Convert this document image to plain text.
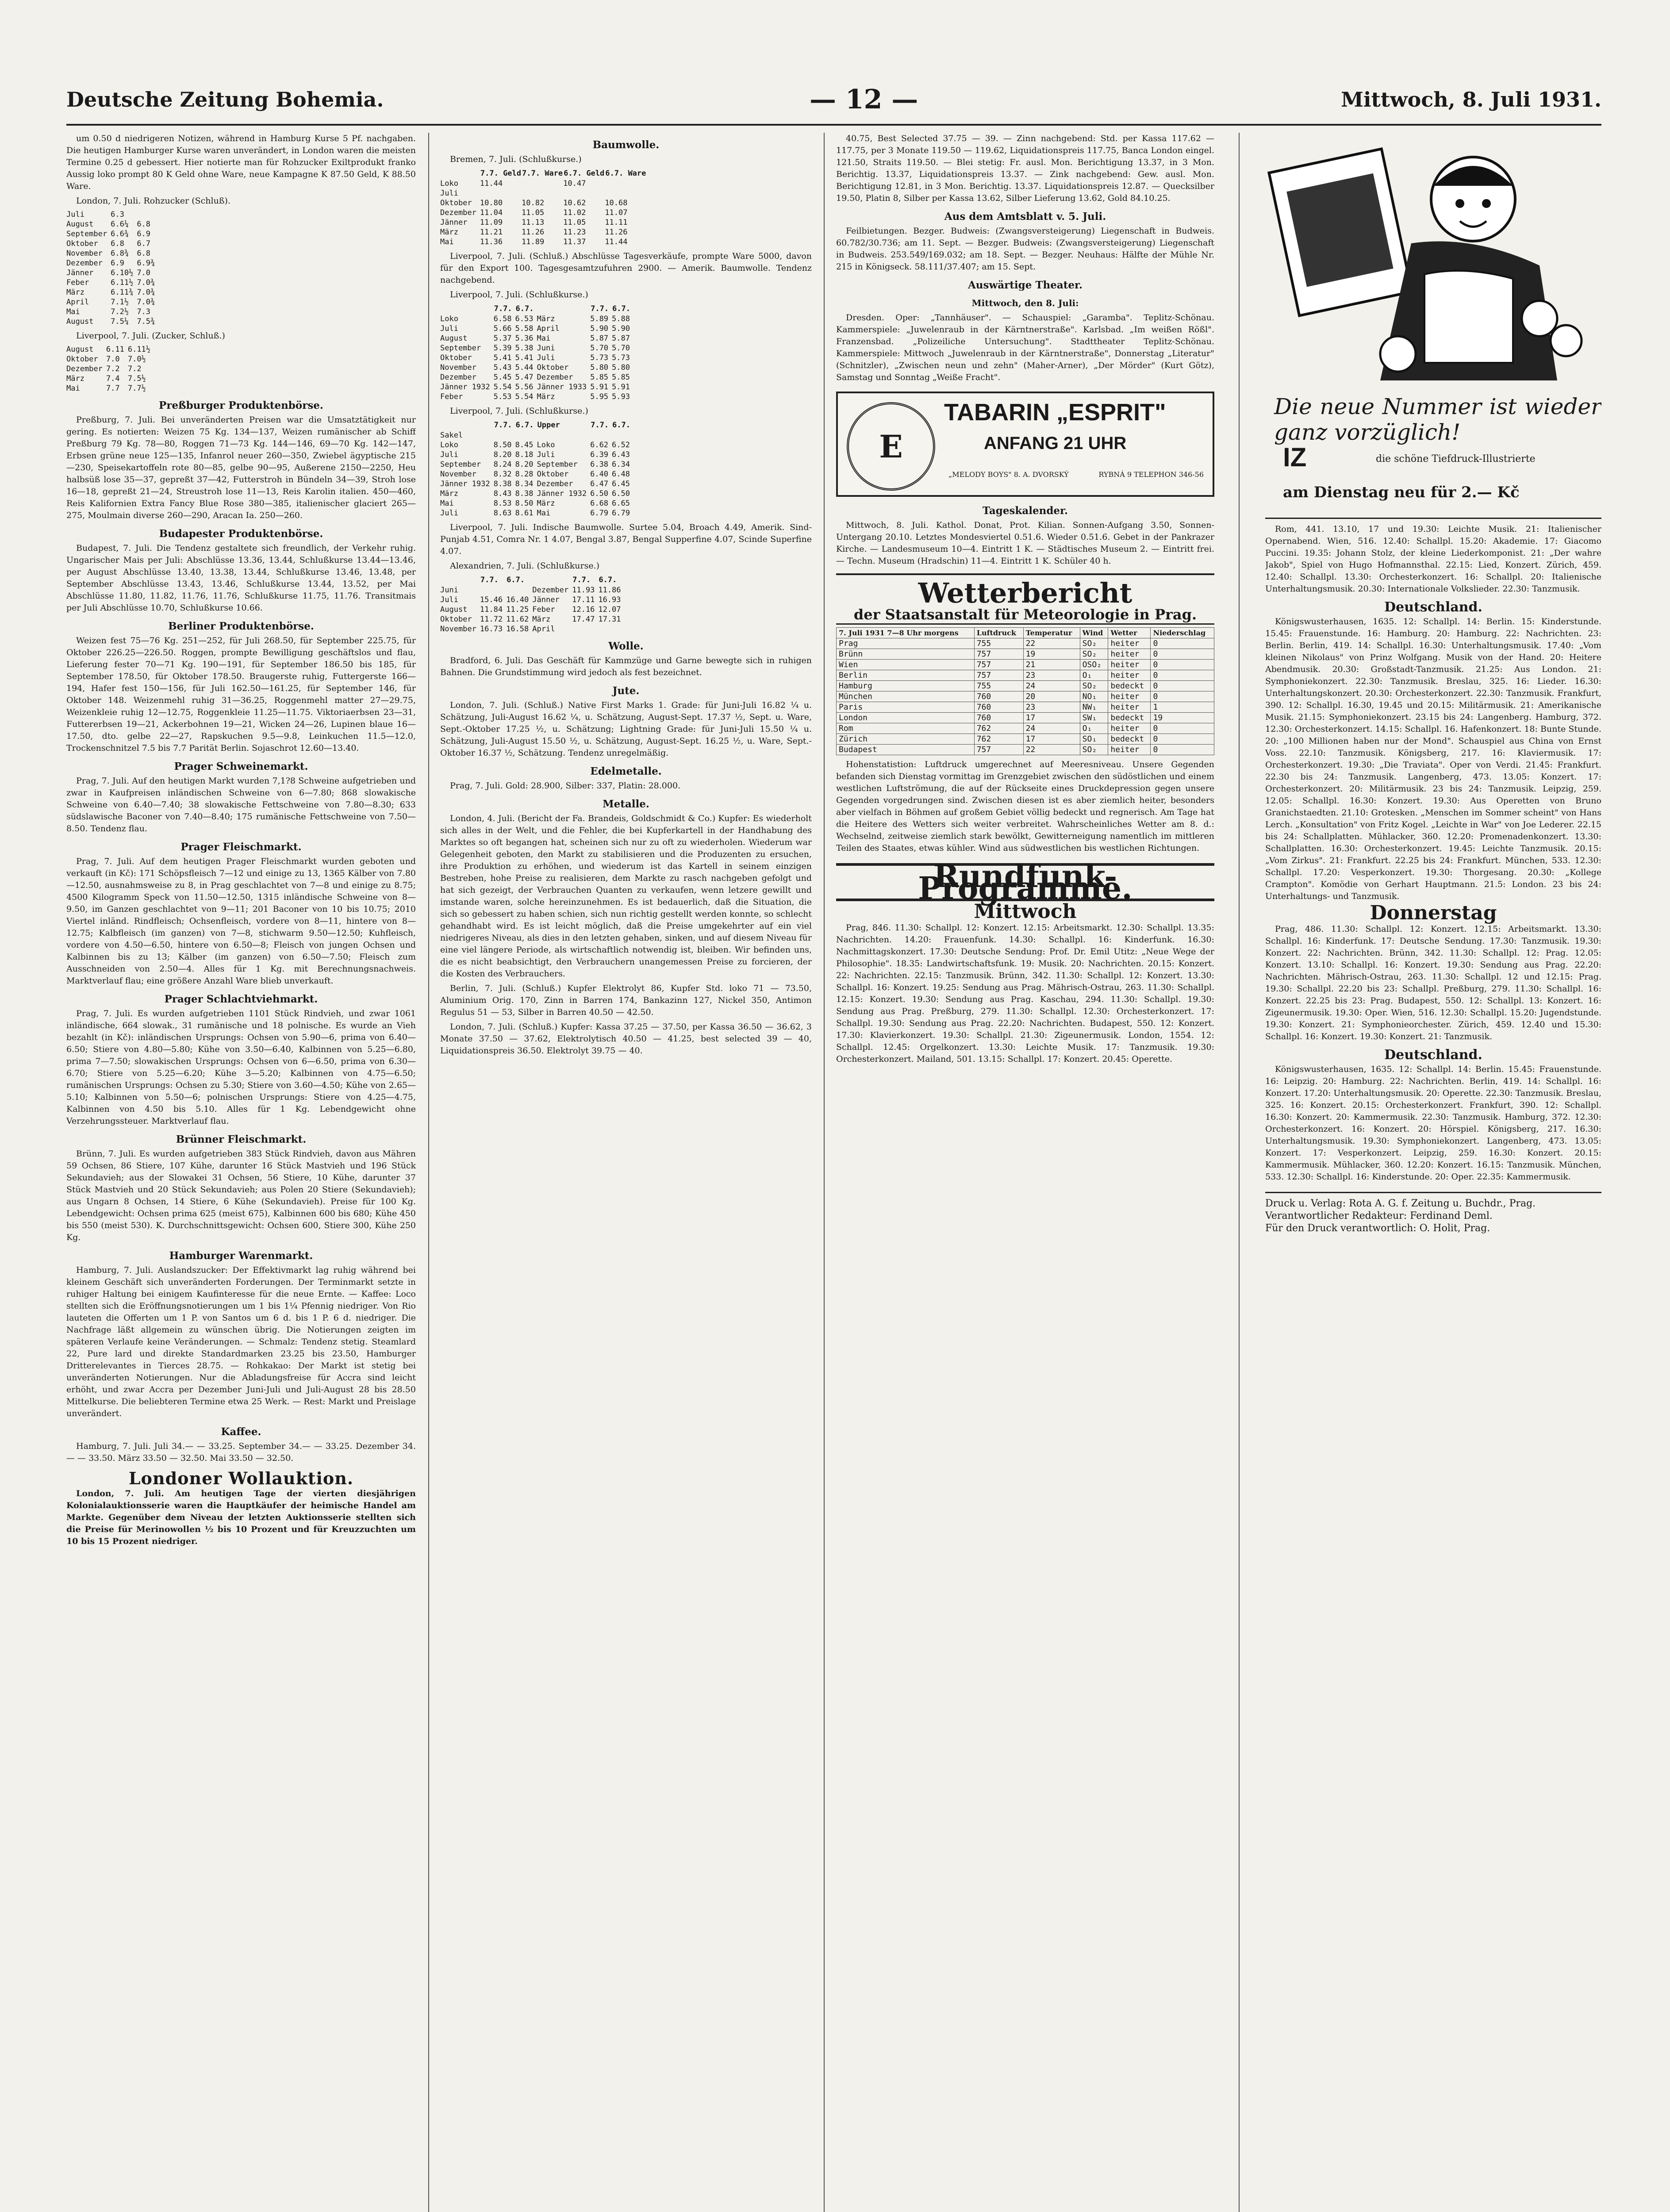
Deutsche Zeitung Bohemia.	— 12 —	Mittwoch, 8. Juli 1931.

um 0.50 d niedrigeren Notizen, während in Hamburg Kurse 5 Pf. nachgaben. Die heutigen Hamburger Kurse waren unverändert, in London waren die meisten Termine 0.25 d gebessert. Hier notierte man für Rohzucker Exiltprodukt franko Aussig loko prompt 80 K Geld ohne Ware, neue Kampagne K 87.50 Geld, K 88.50 Ware.

London, 7. Juli. Rohzucker (Schluß).

Juli	6.3	
August	6.6¼	6.8
September	6.6¾	6.9
Oktober	6.8	6.7
November	6.8¾	6.8
Dezember	6.9	6.9¾
Jänner	6.10½	7.0
Feber	6.11½	7.0¾
März	6.11¾	7.0¾
April	7.1½	7.0¾
Mai	7.2½	7.3
August	7.5¼	7.5¾

Liverpool, 7. Juli. (Zucker, Schluß.)

August	6.11	6.11½
Oktober	7.0	7.0½
Dezember	7.2	7.2
März	7.4	7.5½
Mai	7.7	7.7½
Preßburger Produktenbörse.

Preßburg, 7. Juli. Bei unveränderten Preisen war die Umsatztätigkeit nur gering. Es notierten: Weizen 75 Kg. 134—137, Weizen rumänischer ab Schiff Preßburg 79 Kg. 78—80, Roggen 71—73 Kg. 144—146, 69—70 Kg. 142—147, Erbsen grüne neue 125—135, Infanrol neuer 260—350, Zwiebel ägyptische 215—230, Speisekartoffeln rote 80—85, gelbe 90—95, Außerene 2150—2250, Heu halbsüß lose 35—37, gepreßt 37—42, Futterstroh in Bündeln 34—39, Stroh lose 16—18, gepreßt 21—24, Streustroh lose 11—13, Reis Karolin italien. 450—460, Reis Kalifornien Extra Fancy Blue Rose 380—385, italienischer glaciert 265—275, Moulmain diverse 260—290, Aracan Ia. 250—260.

Budapester Produktenbörse.

Budapest, 7. Juli. Die Tendenz gestaltete sich freundlich, der Verkehr ruhig. Ungarischer Mais per Juli: Abschlüsse 13.36, 13.44, Schlußkurse 13.44—13.46, per August Abschlüsse 13.40, 13.38, 13.44, Schlußkurse 13.46, 13.48, per September Abschlüsse 13.43, 13.46, Schlußkurse 13.44, 13.52, per Mai Abschlüsse 11.80, 11.82, 11.76, 11.76, Schlußkurse 11.75, 11.76. Transitmais per Juli Abschlüsse 10.70, Schlußkurse 10.66.

Berliner Produktenbörse.

Weizen fest 75—76 Kg. 251—252, für Juli 268.50, für September 225.75, für Oktober 226.25—226.50. Roggen, prompte Bewilligung geschäftslos und flau, Lieferung fester 70—71 Kg. 190—191, für September 186.50 bis 185, für September 178.50, für Oktober 178.50. Braugerste ruhig, Futtergerste 166—194, Hafer fest 150—156, für Juli 162.50—161.25, für September 146, für Oktober 148. Weizenmehl ruhig 31—36.25, Roggenmehl matter 27—29.75, Weizenkleie ruhig 12—12.75, Roggenkleie 11.25—11.75. Viktoriaerbsen 23—31, Futtererbsen 19—21, Ackerbohnen 19—21, Wicken 24—26, Lupinen blaue 16—17.50, dto. gelbe 22—27, Rapskuchen 9.5—9.8, Leinkuchen 11.5—12.0, Trockenschnitzel 7.5 bis 7.7 Parität Berlin. Sojaschrot 12.60—13.40.

Prager Schweinemarkt.

Prag, 7. Juli. Auf den heutigen Markt wurden 7,1?8 Schweine aufgetrieben und zwar in Kaufpreisen inländischen Schweine von 6—7.80; 868 slowakische Schweine von 6.40—7.40; 38 slowakische Fettschweine von 7.80—8.30; 633 südslawische Baconer von 7.40—8.40; 175 rumänische Fettschweine von 7.50—8.50. Tendenz flau.

Prager Fleischmarkt.

Prag, 7. Juli. Auf dem heutigen Prager Fleischmarkt wurden geboten und verkauft (in Kč): 171 Schöpsfleisch 7—12 und einige zu 13, 1365 Kälber von 7.80—12.50, ausnahmsweise zu 8, in Prag geschlachtet von 7—8 und einige zu 8.75; 4500 Kilogramm Speck von 11.50—12.50, 1315 inländische Schweine von 8—9.50, im Ganzen geschlachtet von 9—11; 201 Baconer von 10 bis 10.75; 2010 Viertel inländ. Rindfleisch; Ochsenfleisch, vordere von 8—11, hintere von 8—12.75; Kalbfleisch (im ganzen) von 7—8, stichwarm 9.50—12.50; Kuhfleisch, vordere von 4.50—6.50, hintere von 6.50—8; Fleisch von jungen Ochsen und Kalbinnen bis zu 13; Kälber (im ganzen) von 6.50—7.50; Fleisch zum Ausschneiden von 2.50—4. Alles für 1 Kg. mit Berechnungsnachweis. Marktverlauf flau; eine größere Anzahl Ware blieb unverkauft.

Prager Schlachtviehmarkt.

Prag, 7. Juli. Es wurden aufgetrieben 1101 Stück Rindvieh, und zwar 1061 inländische, 664 slowak., 31 rumänische und 18 polnische. Es wurde an Vieh bezahlt (in Kč): inländischen Ursprungs: Ochsen von 5.90—6, prima von 6.40—6.50; Stiere von 4.80—5.80; Kühe von 3.50—6.40, Kalbinnen von 5.25—6.80, prima 7—7.50; slowakischen Ursprungs: Ochsen von 6—6.50, prima von 6.30—6.70; Stiere von 5.25—6.20; Kühe 3—5.20; Kalbinnen von 4.75—6.50; rumänischen Ursprungs: Ochsen zu 5.30; Stiere von 3.60—4.50; Kühe von 2.65—5.10; Kalbinnen von 5.50—6; polnischen Ursprungs: Stiere von 4.25—4.75, Kalbinnen von 4.50 bis 5.10. Alles für 1 Kg. Lebendgewicht ohne Verzehrungssteuer. Marktverlauf flau.

Brünner Fleischmarkt.

Brünn, 7. Juli. Es wurden aufgetrieben 383 Stück Rindvieh, davon aus Mähren 59 Ochsen, 86 Stiere, 107 Kühe, darunter 16 Stück Mastvieh und 196 Stück Sekundavieh; aus der Slowakei 31 Ochsen, 56 Stiere, 10 Kühe, darunter 37 Stück Mastvieh und 20 Stück Sekundavieh; aus Polen 20 Stiere (Sekundavieh); aus Ungarn 8 Ochsen, 14 Stiere, 6 Kühe (Sekundavieh). Preise für 100 Kg. Lebendgewicht: Ochsen prima 625 (meist 675), Kalbinnen 600 bis 680; Kühe 450 bis 550 (meist 530). K. Durchschnittsgewicht: Ochsen 600, Stiere 300, Kühe 250 Kg.

Hamburger Warenmarkt.

Hamburg, 7. Juli. Auslandszucker: Der Effektivmarkt lag ruhig während bei kleinem Geschäft sich unveränderten Forderungen. Der Terminmarkt setzte in ruhiger Haltung bei einigem Kaufinteresse für die neue Ernte. — Kaffee: Loco stellten sich die Eröffnungsnotierungen um 1 bis 1¼ Pfennig niedriger. Von Rio lauteten die Offerten um 1 P. von Santos um 6 d. bis 1 P. 6 d. niedriger. Die Nachfrage läßt allgemein zu wünschen übrig. Die Notierungen zeigten im späteren Verlaufe keine Veränderungen. — Schmalz: Tendenz stetig. Steamlard 22, Pure lard und direkte Standardmarken 23.25 bis 23.50, Hamburger Dritterelevantes in Tierces 28.75. — Rohkakao: Der Markt ist stetig bei unveränderten Notierungen. Nur die Abladungsfreise für Accra sind leicht erhöht, und zwar Accra per Dezember Juni-Juli und Juli-August 28 bis 28.50 Mittelkurse. Die beliebteren Termine etwa 25 Werk. — Rest: Markt und Preislage unverändert.

Kaffee.

Hamburg, 7. Juli. Juli 34.— — 33.25. September 34.— — 33.25. Dezember 34.— — 33.50. März 33.50 — 32.50. Mai 33.50 — 32.50.

Londoner Wollauktion.

London, 7. Juli. Am heutigen Tage der vierten diesjährigen Kolonialauktionsserie waren die Hauptkäufer der heimische Handel am Markte. Gegenüber dem Niveau der letzten Auktionsserie stellten sich die Preise für Merinowollen ½ bis 10 Prozent und für Kreuzzuchten um 10 bis 15 Prozent niedriger.

Baumwolle.

Bremen, 7. Juli. (Schlußkurse.)

	7.7. Geld	7.7. Ware	6.7. Geld	6.7. Ware
Loko	11.44		10.47	
Juli				
Oktober	10.80	10.82	10.62	10.68
Dezember	11.04	11.05	11.02	11.07
Jänner	11.09	11.13	11.05	11.11
März	11.21	11.26	11.23	11.26
Mai	11.36	11.89	11.37	11.44

Liverpool, 7. Juli. (Schluß.) Abschlüsse Tagesverkäufe, prompte Ware 5000, davon für den Export 100. Tagesgesamtzufuhren 2900. — Amerik. Baumwolle. Tendenz nachgebend.

Liverpool, 7. Juli. (Schlußkurse.)

	7.7.	6.7.		7.7.	6.7.
Loko	6.58	6.53	März	5.89	5.88
Juli	5.66	5.58	April	5.90	5.90
August	5.37	5.36	Mai	5.87	5.87
September	5.39	5.38	Juni	5.70	5.70
Oktober	5.41	5.41	Juli	5.73	5.73
November	5.43	5.44	Oktober	5.80	5.80
Dezember	5.45	5.47	Dezember	5.85	5.85
Jänner 1932	5.54	5.56	Jänner 1933	5.91	5.91
Feber	5.53	5.54	März	5.95	5.93

Liverpool, 7. Juli. (Schlußkurse.)

	7.7.	6.7.	Upper	7.7.	6.7.
Sakel					
Loko	8.50	8.45	Loko	6.62	6.52
Juli	8.20	8.18	Juli	6.39	6.43
September	8.24	8.20	September	6.38	6.34
November	8.32	8.28	Oktober	6.40	6.48
Jänner 1932	8.38	8.34	Dezember	6.47	6.45
März	8.43	8.38	Jänner 1932	6.50	6.50
Mai	8.53	8.50	März	6.68	6.65
Juli	8.63	8.61	Mai	6.79	6.79

Liverpool, 7. Juli. Indische Baumwolle. Surtee 5.04, Broach 4.49, Amerik. Sind-Punjab 4.51, Comra Nr. 1 4.07, Bengal 3.87, Bengal Supperfine 4.07, Scinde Superfine 4.07.

Alexandrien, 7. Juli. (Schlußkurse.)

	7.7.	6.7.		7.7.	6.7.
Juni			Dezember	11.93	11.86
Juli	15.46	16.40	Jänner	17.11	16.93
August	11.84	11.25	Feber	12.16	12.07
Oktober	11.72	11.62	März	17.47	17.31
November	16.73	16.58	April		
Wolle.

Bradford, 6. Juli. Das Geschäft für Kammzüge und Garne bewegte sich in ruhigen Bahnen. Die Grundstimmung wird jedoch als fest bezeichnet.

Jute.

London, 7. Juli. (Schluß.) Native First Marks 1. Grade: für Juni-Juli 16.82 ¼ u. Schätzung, Juli-August 16.62 ¼, u. Schätzung, August-Sept. 17.37 ½, Sept. u. Ware, Sept.-Oktober 17.25 ½, u. Schätzung; Lightning Grade: für Juni-Juli 15.50 ¼ u. Schätzung, Juli-August 15.50 ½, u. Schätzung, August-Sept. 16.25 ½, u. Ware, Sept.-Oktober 16.37 ½, Schätzung. Tendenz unregelmäßig.

Edelmetalle.

Prag, 7. Juli. Gold: 28.900, Silber: 337, Platin: 28.000.

Metalle.

London, 4. Juli. (Bericht der Fa. Brandeis, Goldschmidt & Co.) Kupfer: Es wiederholt sich alles in der Welt, und die Fehler, die bei Kupferkartell in der Handhabung des Marktes so oft begangen hat, scheinen sich nur zu oft zu wiederholen. Wiederum war Gelegenheit geboten, den Markt zu stabilisieren und die Produzenten zu ersuchen, ihre Produktion zu erhöhen, und wiederum ist das Kartell in seinem einzigen Bestreben, hohe Preise zu realisieren, dem Markte zu rasch nachgeben gefolgt und hat sich gezeigt, der Verbrauchen Quanten zu verkaufen, wenn letzere gewillt und imstande waren, solche hereinzunehmen. Es ist bedauerlich, daß die Situation, die sich so gebessert zu haben schien, sich nun richtig gestellt werden konnte, so schlecht gehandhabt wird. Es ist leicht möglich, daß die Preise umgekehrter auf ein viel niedrigeres Niveau, als dies in den letzten gehaben, sinken, und auf diesem Niveau für eine viel längere Periode, als wirtschaftlich notwendig ist, bleiben. Wir befinden uns, die es nicht beabsichtigt, den Verbrauchern unangemessen Preise zu forcieren, der die Kosten des Verbrauchers.

Berlin, 7. Juli. (Schluß.) Kupfer Elektrolyt 86, Kupfer Std. loko 71 — 73.50, Aluminium Orig. 170, Zinn in Barren 174, Bankazinn 127, Nickel 350, Antimon Regulus 51 — 53, Silber in Barren 40.50 — 42.50.

London, 7. Juli. (Schluß.) Kupfer: Kassa 37.25 — 37.50, per Kassa 36.50 — 36.62, 3 Monate 37.50 — 37.62, Elektrolytisch 40.50 — 41.25, best selected 39 — 40, Liquidationspreis 36.50. Elektrolyt 39.75 — 40.

40.75, Best Selected 37.75 — 39. — Zinn nachgebend: Std. per Kassa 117.62 — 117.75, per 3 Monate 119.50 — 119.62, Liquidationspreis 117.75, Banca London eingel. 121.50, Straits 119.50. — Blei stetig: Fr. ausl. Mon. Berichtigung 13.37, in 3 Mon. Berichtig. 13.37, Liquidationspreis 13.37. — Zink nachgebend: Gew. ausl. Mon. Berichtigung 12.81, in 3 Mon. Berichtig. 13.37. Liquidationspreis 12.87. — Quecksilber 19.50, Platin 8, Silber per Kassa 13.62, Silber Lieferung 13.62, Gold 84.10.25.

Aus dem Amtsblatt v. 5. Juli.

Feilbietungen. Bezger. Budweis: (Zwangsversteigerung) Liegenschaft in Budweis. 60.782/30.736; am 11. Sept. — Bezger. Budweis: (Zwangsversteigerung) Liegenschaft in Budweis. 253.549/169.032; am 18. Sept. — Bezger. Neuhaus: Hälfte der Mühle Nr. 215 in Königseck. 58.111/37.407; am 15. Sept.

Auswärtige Theater.
Mittwoch, den 8. Juli:

Dresden. Oper: „Tannhäuser". — Schauspiel: „Garamba". Teplitz-Schönau. Kammerspiele: „Juwelenraub in der Kärntnerstraße". Karlsbad. „Im weißen Rößl". Franzensbad. „Polizeiliche Untersuchung". Stadttheater Teplitz-Schönau. Kammerspiele: Mittwoch „Juwelenraub in der Kärntnerstraße", Donnerstag „Literatur" (Schnitzler), „Zwischen neun und zehn" (Maher-Arner), „Der Mörder" (Kurt Götz), Samstag und Sonntag „Weiße Fracht".

E
TABARIN „ESPRIT"
ANFANG 21 UHR
„MELODY BOYS" 8. A. DVORSKÝ	RYBNÁ 9 TELEPHON 346-56
Tageskalender.

Mittwoch, 8. Juli. Kathol. Donat, Prot. Kilian. Sonnen-Aufgang 3.50, Sonnen-Untergang 20.10. Letztes Mondesviertel 0.51.6. Wieder 0.51.6. Gebet in der Pankrazer Kirche. — Landesmuseum 10—4. Eintritt 1 K. — Städtisches Museum 2. — Eintritt frei. — Techn. Museum (Hradschin) 11—4. Eintritt 1 K. Schüler 40 h.

Wetterbericht
der Staatsanstalt für Meteorologie in Prag.
7. Juli 1931 7—8 Uhr morgens	Luftdruck	Temperatur	Wind	Wetter	Niederschlag
Prag	755	22	SO₂	heiter	0
Brünn	757	19	SO₂	heiter	0
Wien	757	21	OSO₂	heiter	0
Berlin	757	23	O₁	heiter	0
Hamburg	755	24	SO₂	bedeckt	0
München	760	20	NO₁	heiter	0
Paris	760	23	NW₁	heiter	1
London	760	17	SW₁	bedeckt	19
Rom	762	24	O₁	heiter	0
Zürich	762	17	SO₁	bedeckt	0
Budapest	757	22	SO₂	heiter	0

Hohenstatistion: Luftdruck umgerechnet auf Meeresniveau. Unsere Gegenden befanden sich Dienstag vormittag im Grenzgebiet zwischen den südöstlichen und einem westlichen Luftströmung, die auf der Rückseite eines Druckdepression gegen unsere Gegenden vorgedrungen sind. Zwischen diesen ist es aber ziemlich heiter, besonders aber vielfach in Böhmen auf großem Gebiet völlig bedeckt und regnerisch. Am Tage hat die Heitere des Wetters sich weiter verbreitet. Wahrscheinliches Wetter am 8. d.: Wechselnd, zeitweise ziemlich stark bewölkt, Gewitterneigung namentlich im mittleren Teilen des Staates, etwas kühler. Wind aus südwestlichen bis westlichen Richtungen.

Rundfunk-Programme.
Mittwoch

Prag, 846. 11.30: Schallpl. 12: Konzert. 12.15: Arbeitsmarkt. 12.30: Schallpl. 13.35: Nachrichten. 14.20: Frauenfunk. 14.30: Schallpl. 16: Kinderfunk. 16.30: Nachmittagskonzert. 17.30: Deutsche Sendung: Prof. Dr. Emil Utitz: „Neue Wege der Philosophie". 18.35: Landwirtschaftsfunk. 19: Musik. 20: Nachrichten. 20.15: Konzert. 22: Nachrichten. 22.15: Tanzmusik. Brünn, 342. 11.30: Schallpl. 12: Konzert. 13.30: Schallpl. 16: Konzert. 19.25: Sendung aus Prag. Mährisch-Ostrau, 263. 11.30: Schallpl. 12.15: Konzert. 19.30: Sendung aus Prag. Kaschau, 294. 11.30: Schallpl. 19.30: Sendung aus Prag. Preßburg, 279. 11.30: Schallpl. 12.30: Orchesterkonzert. 17: Schallpl. 19.30: Sendung aus Prag. 22.20: Nachrichten. Budapest, 550. 12: Konzert. 17.30: Klavierkonzert. 19.30: Schallpl. 21.30: Zigeunermusik. London, 1554. 12: Schallpl. 12.45: Orgelkonzert. 13.30: Leichte Musik. 17: Tanzmusik. 19.30: Orchesterkonzert. Mailand, 501. 13.15: Schallpl. 17: Konzert. 20.45: Operette.

Die neue Nummer ist wieder ganz vorzüglich!
IZ	die schöne Tiefdruck-Illustrierte
am Dienstag neu für 2.— Kč

Rom, 441. 13.10, 17 und 19.30: Leichte Musik. 21: Italienischer Opernabend. Wien, 516. 12.40: Schallpl. 15.20: Akademie. 17: Giacomo Puccini. 19.35: Johann Stolz, der kleine Liederkomponist. 21: „Der wahre Jakob", Spiel von Hugo Hofmannsthal. 22.15: Lied, Konzert. Zürich, 459. 12.40: Schallpl. 13.30: Orchesterkonzert. 16: Schallpl. 20: Italienische Unterhaltungsmusik. 20.30: Internationale Volkslieder. 22.30: Tanzmusik.

Deutschland.

Königswusterhausen, 1635. 12: Schallpl. 14: Berlin. 15: Kinderstunde. 15.45: Frauenstunde. 16: Hamburg. 20: Hamburg. 22: Nachrichten. 23: Berlin. Berlin, 419. 14: Schallpl. 16.30: Unterhaltungsmusik. 17.40: „Vom kleinen Nikolaus" von Prinz Wolfgang. Musik von der Hand. 20: Heitere Abendmusik. 20.30: Großstadt-Tanzmusik. 21.25: Aus London. 21: Symphoniekonzert. 22.30: Tanzmusik. Breslau, 325. 16: Lieder. 16.30: Unterhaltungskonzert. 20.30: Orchesterkonzert. 22.30: Tanzmusik. Frankfurt, 390. 12: Schallpl. 16.30, 19.45 und 20.15: Militärmusik. 21: Amerikanische Musik. 21.15: Symphoniekonzert. 23.15 bis 24: Langenberg. Hamburg, 372. 12.30: Orchesterkonzert. 14.15: Schallpl. 16. Hafenkonzert. 18: Bunte Stunde. 20: „100 Millionen haben nur der Mond". Schauspiel aus China von Ernst Voss. 22.10: Tanzmusik. Königsberg, 217. 16: Klaviermusik. 17: Orchesterkonzert. 19.30: „Die Traviata". Oper von Verdi. 21.45: Frankfurt. 22.30 bis 24: Tanzmusik. Langenberg, 473. 13.05: Konzert. 17: Orchesterkonzert. 20: Militärmusik. 23 bis 24: Tanzmusik. Leipzig, 259. 12.05: Schallpl. 16.30: Konzert. 19.30: Aus Operetten von Bruno Granichstaedten. 21.10: Grotesken. „Menschen im Sommer scheint" von Hans Lerch. „Konsultation" von Fritz Kogel. „Leichte in War" von Joe Lederer. 22.15 bis 24: Schallplatten. Mühlacker, 360. 12.20: Promenadenkonzert. 13.30: Schallplatten. 16.30: Orchesterkonzert. 19.45: Leichte Tanzmusik. 20.15: „Vom Zirkus". 21: Frankfurt. 22.25 bis 24: Frankfurt. München, 533. 12.30: Schallpl. 17.20: Vesperkonzert. 19.30: Thorgesang. 20.30: „Kollege Crampton". Komödie von Gerhart Hauptmann. 21.5: London. 23 bis 24: Unterhaltungs- und Tanzmusik.

Donnerstag

Prag, 486. 11.30: Schallpl. 12: Konzert. 12.15: Arbeitsmarkt. 13.30: Schallpl. 16: Kinderfunk. 17: Deutsche Sendung. 17.30: Tanzmusik. 19.30: Konzert. 22: Nachrichten. Brünn, 342. 11.30: Schallpl. 12: Prag. 12.05: Konzert. 13.10: Schallpl. 16: Konzert. 19.30: Sendung aus Prag. 22.20: Nachrichten. Mährisch-Ostrau, 263. 11.30: Schallpl. 12 und 12.15: Prag. 19.30: Schallpl. 22.20 bis 23: Schallpl. Preßburg, 279. 11.30: Schallpl. 16: Konzert. 22.25 bis 23: Prag. Budapest, 550. 12: Schallpl. 13: Konzert. 16: Zigeunermusik. 19.30: Oper. Wien, 516. 12.30: Schallpl. 15.20: Jugendstunde. 19.30: Konzert. 21: Symphonieorchester. Zürich, 459. 12.40 und 15.30: Schallpl. 16: Konzert. 19.30: Konzert. 21: Tanzmusik.

Deutschland.

Königswusterhausen, 1635. 12: Schallpl. 14: Berlin. 15.45: Frauenstunde. 16: Leipzig. 20: Hamburg. 22: Nachrichten. Berlin, 419. 14: Schallpl. 16: Konzert. 17.20: Unterhaltungsmusik. 20: Operette. 22.30: Tanzmusik. Breslau, 325. 16: Konzert. 20.15: Orchesterkonzert. Frankfurt, 390. 12: Schallpl. 16.30: Konzert. 20: Kammermusik. 22.30: Tanzmusik. Hamburg, 372. 12.30: Orchesterkonzert. 16: Konzert. 20: Hörspiel. Königsberg, 217. 16.30: Unterhaltungsmusik. 19.30: Symphoniekonzert. Langenberg, 473. 13.05: Konzert. 17: Vesperkonzert. Leipzig, 259. 16.30: Konzert. 20.15: Kammermusik. Mühlacker, 360. 12.20: Konzert. 16.15: Tanzmusik. München, 533. 12.30: Schallpl. 16: Kinderstunde. 20: Oper. 22.35: Kammermusik.

Druck u. Verlag: Rota A. G. f. Zeitung u. Buchdr., Prag.
Verantwortlicher Redakteur: Ferdinand Deml.
Für den Druck verantwortlich: O. Holit, Prag.
